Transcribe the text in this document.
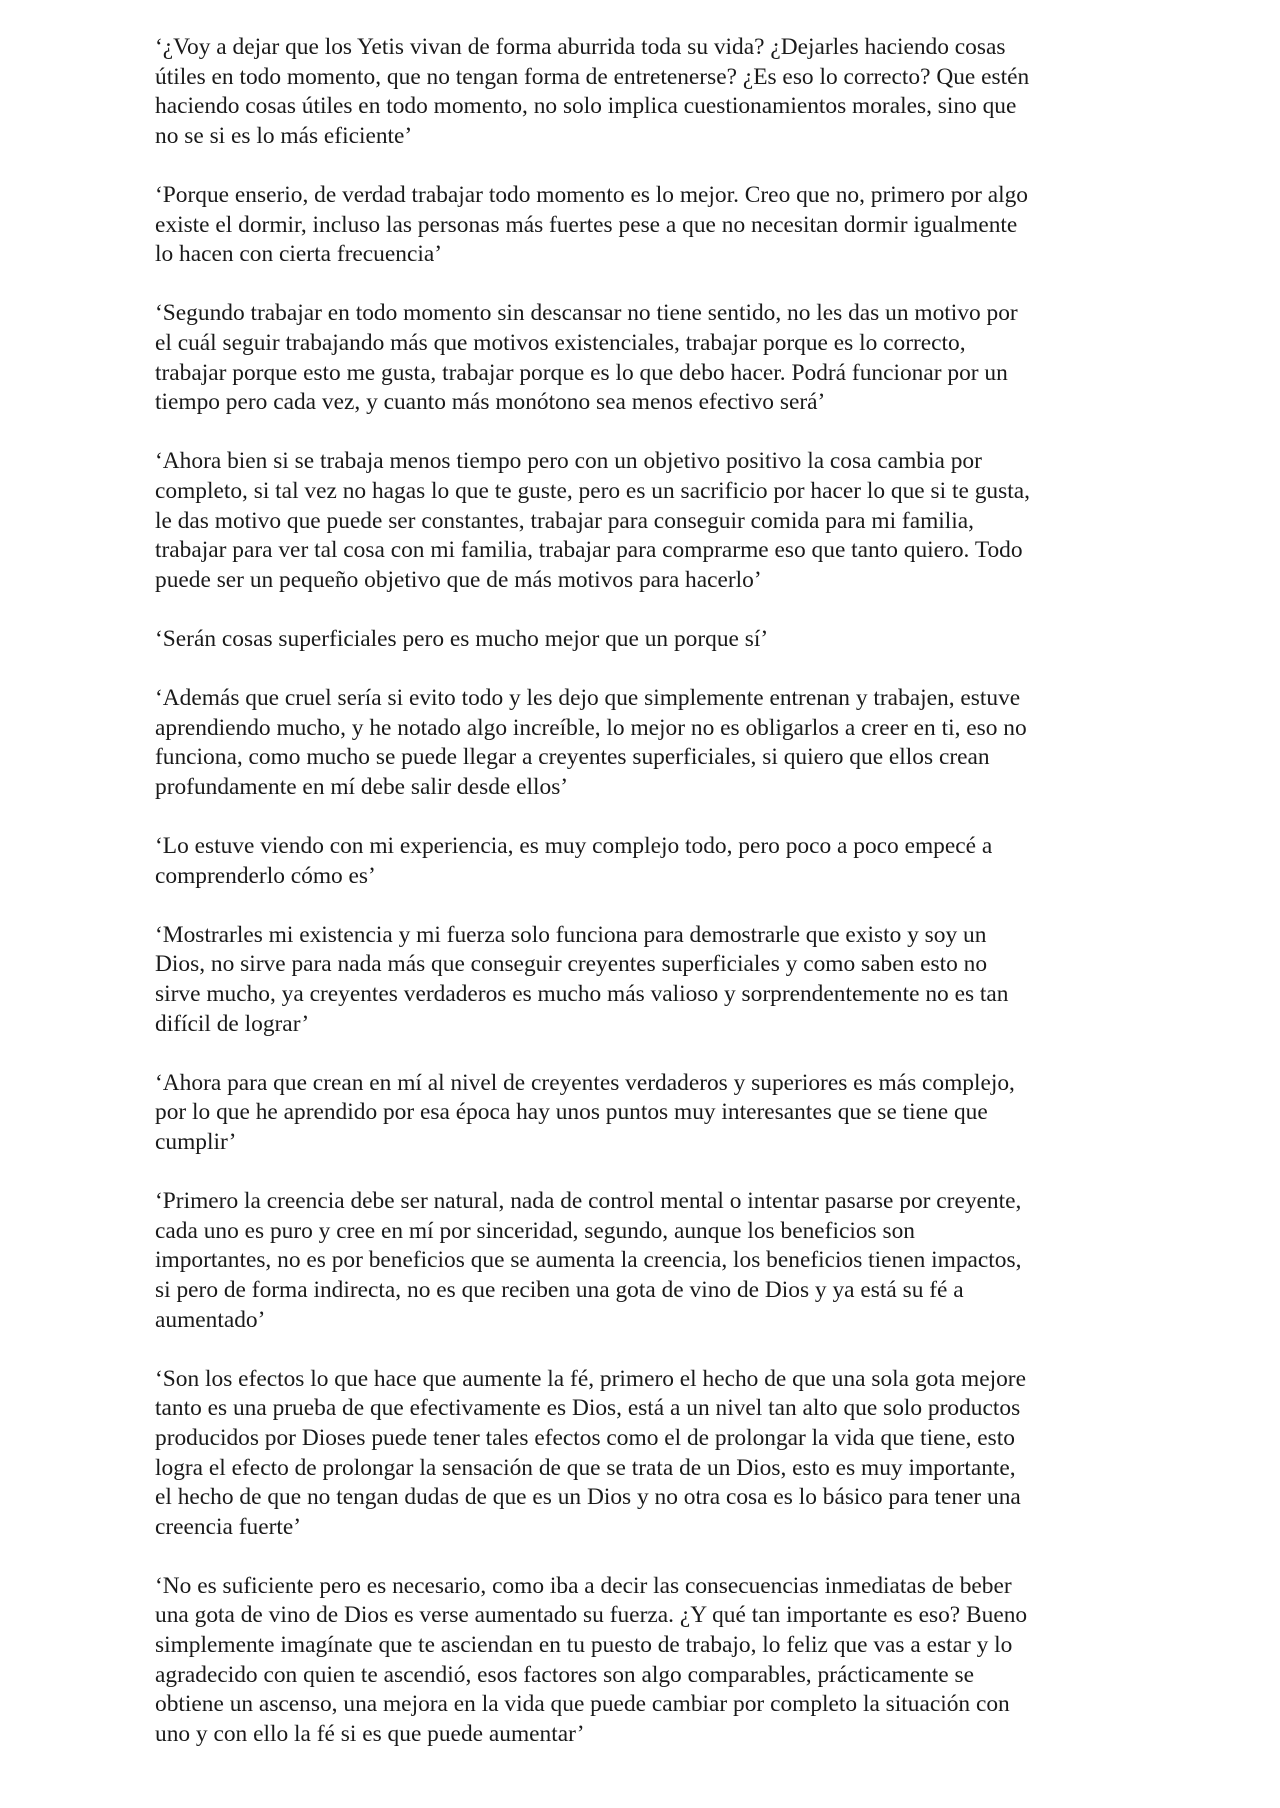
‘¿Voy a dejar que los Yetis vivan de forma aburrida toda su vida? ¿Dejarles haciendo cosas
útiles en todo momento, que no tengan forma de entretenerse? ¿Es eso lo correcto? Que estén
haciendo cosas útiles en todo momento, no solo implica cuestionamientos morales, sino que
no se si es lo más eficiente’

‘Porque enserio, de verdad trabajar todo momento es lo mejor. Creo que no, primero por algo
existe el dormir, incluso las personas más fuertes pese a que no necesitan dormir igualmente
lo hacen con cierta frecuencia’

‘Segundo trabajar en todo momento sin descansar no tiene sentido, no les das un motivo por
el cuál seguir trabajando más que motivos existenciales, trabajar porque es lo correcto,
trabajar porque esto me gusta, trabajar porque es lo que debo hacer. Podrá funcionar por un
tiempo pero cada vez, y cuanto más monótono sea menos efectivo será’

‘Ahora bien si se trabaja menos tiempo pero con un objetivo positivo la cosa cambia por
completo, si tal vez no hagas lo que te guste, pero es un sacrificio por hacer lo que si te gusta,
le das motivo que puede ser constantes, trabajar para conseguir comida para mi familia,
trabajar para ver tal cosa con mi familia, trabajar para comprarme eso que tanto quiero. Todo
puede ser un pequeño objetivo que de más motivos para hacerlo’

‘Serán cosas superficiales pero es mucho mejor que un porque sí’

‘Además que cruel sería si evito todo y les dejo que simplemente entrenan y trabajen, estuve
aprendiendo mucho, y he notado algo increíble, lo mejor no es obligarlos a creer en ti, eso no
funciona, como mucho se puede llegar a creyentes superficiales, si quiero que ellos crean
profundamente en mí debe salir desde ellos’

‘Lo estuve viendo con mi experiencia, es muy complejo todo, pero poco a poco empecé a
comprenderlo cómo es’

‘Mostrarles mi existencia y mi fuerza solo funciona para demostrarle que existo y soy un
Dios, no sirve para nada más que conseguir creyentes superficiales y como saben esto no
sirve mucho, ya creyentes verdaderos es mucho más valioso y sorprendentemente no es tan
difícil de lograr’

‘Ahora para que crean en mí al nivel de creyentes verdaderos y superiores es más complejo,
por lo que he aprendido por esa época hay unos puntos muy interesantes que se tiene que
cumplir’

‘Primero la creencia debe ser natural, nada de control mental o intentar pasarse por creyente,
cada uno es puro y cree en mí por sinceridad, segundo, aunque los beneficios son
importantes, no es por beneficios que se aumenta la creencia, los beneficios tienen impactos,
si pero de forma indirecta, no es que reciben una gota de vino de Dios y ya está su fé a
aumentado’

‘Son los efectos lo que hace que aumente la fé, primero el hecho de que una sola gota mejore
tanto es una prueba de que efectivamente es Dios, está a un nivel tan alto que solo productos
producidos por Dioses puede tener tales efectos como el de prolongar la vida que tiene, esto
logra el efecto de prolongar la sensación de que se trata de un Dios, esto es muy importante,
el hecho de que no tengan dudas de que es un Dios y no otra cosa es lo básico para tener una
creencia fuerte’

‘No es suficiente pero es necesario, como iba a decir las consecuencias inmediatas de beber
una gota de vino de Dios es verse aumentado su fuerza. ¿Y qué tan importante es eso? Bueno
simplemente imagínate que te asciendan en tu puesto de trabajo, lo feliz que vas a estar y lo
agradecido con quien te ascendió, esos factores son algo comparables, prácticamente se
obtiene un ascenso, una mejora en la vida que puede cambiar por completo la situación con
uno y con ello la fé si es que puede aumentar’
